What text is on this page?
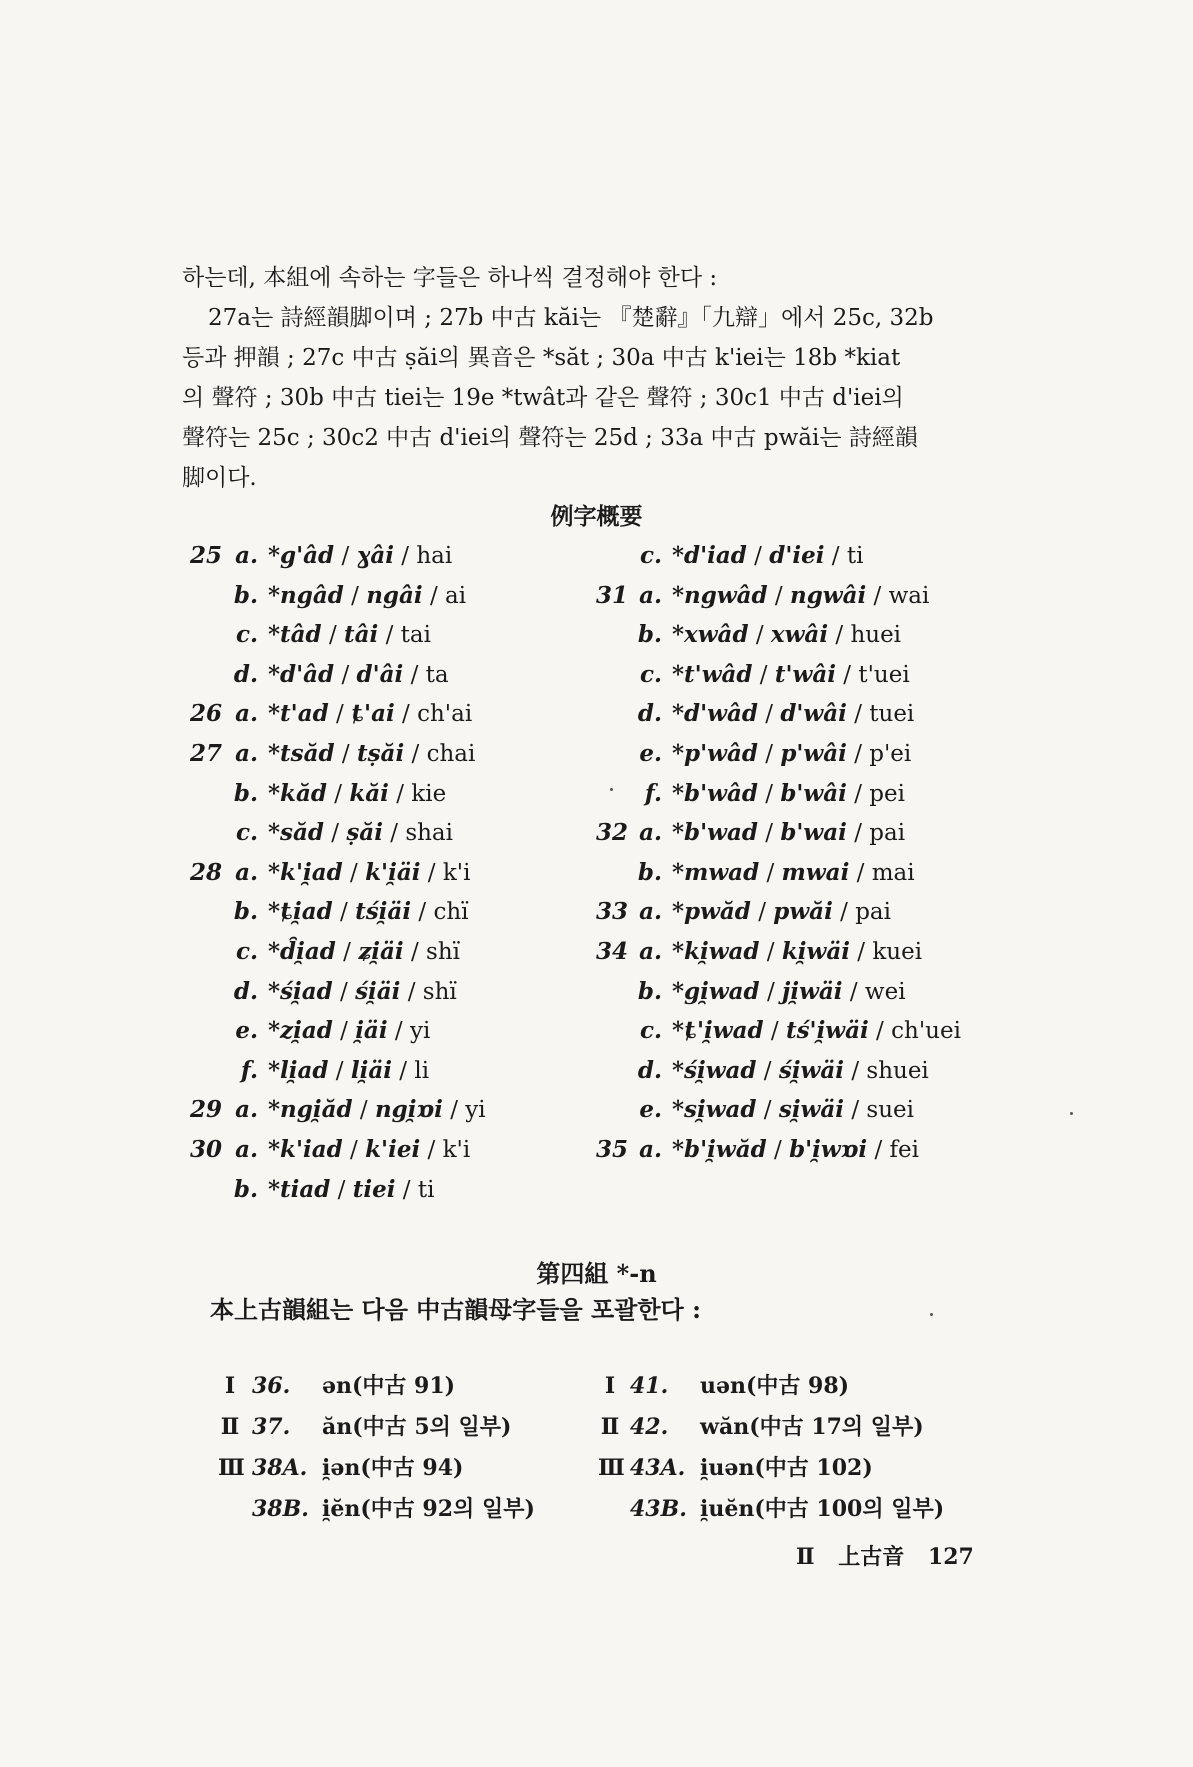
하는데, 本組에 속하는 字들은 하나씩 결정해야 한다 :
27a는 詩經韻脚이며 ; 27b 中古 kăi는 『楚辭』「九辯」에서 25c, 32b
등과 押韻 ; 27c 中古 ṣăi의 異音은 *săt ; 30a 中古 k'iei는 18b *kiat
의 聲符 ; 30b 中古 tiei는 19e *twât과 같은 聲符 ; 30c1 中古 d'iei의
聲符는 25c ; 30c2 中古 d'iei의 聲符는 25d ; 33a 中古 pwăi는 詩經韻
脚이다.
例字概要
25 a. *g'âd / ɣâi / hai
b. *ngâd / ngâi / ai
c. *tâd / tâi / tai
d. *d'âd / d'âi / ta
26 a. *t'ad / ȶ'ai / ch'ai
27 a. *tsăd / tṣăi / chai
b. *kăd / kăi / kie
c. *săd / ṣăi / shai
28 a. *k'i̯ad / k'i̯äi / k'i
b. *ȶi̯ad / tśi̯äi / chï
c. *d̑i̯ad / ʑi̯äi / shï
d. *śi̯ad / śi̯äi / shï
e. *zi̯ad / i̯äi / yi
f. *li̯ad / li̯äi / li
29 a. *ngi̯ăd / ngi̯ɒi / yi
30 a. *k'iad / k'iei / k'i
b. *tiad / tiei / ti
c. *d'iad / d'iei / ti
31 a. *ngwâd / ngwâi / wai
b. *xwâd / xwâi / huei
c. *t'wâd / t'wâi / t'uei
d. *d'wâd / d'wâi / tuei
e. *p'wâd / p'wâi / p'ei
f. *b'wâd / b'wâi / pei
32 a. *b'wad / b'wai / pai
b. *mwad / mwai / mai
33 a. *pwăd / pwăi / pai
34 a. *ki̯wad / ki̯wäi / kuei
b. *gi̯wad / ji̯wäi / wei
c. *ȶ'i̯wad / tś'i̯wäi / ch'uei
d. *śi̯wad / śi̯wäi / shuei
e. *si̯wad / si̯wäi / suei
35 a. *b'i̯wăd / b'i̯wɒi / fei
第四組 *-n
本上古韻組는 다음 中古韻母字들을 포괄한다 :
Ⅰ 36. ən(中古 91)
Ⅱ 37. ăn(中古 5의 일부)
Ⅲ 38A. i̯ən(中古 94)
38B. i̯ĕn(中古 92의 일부)
Ⅰ 41. uən(中古 98)
Ⅱ 42. wăn(中古 17의 일부)
Ⅲ 43A. i̯uən(中古 102)
43B. i̯uĕn(中古 100의 일부)
Ⅱ 上古音 127
